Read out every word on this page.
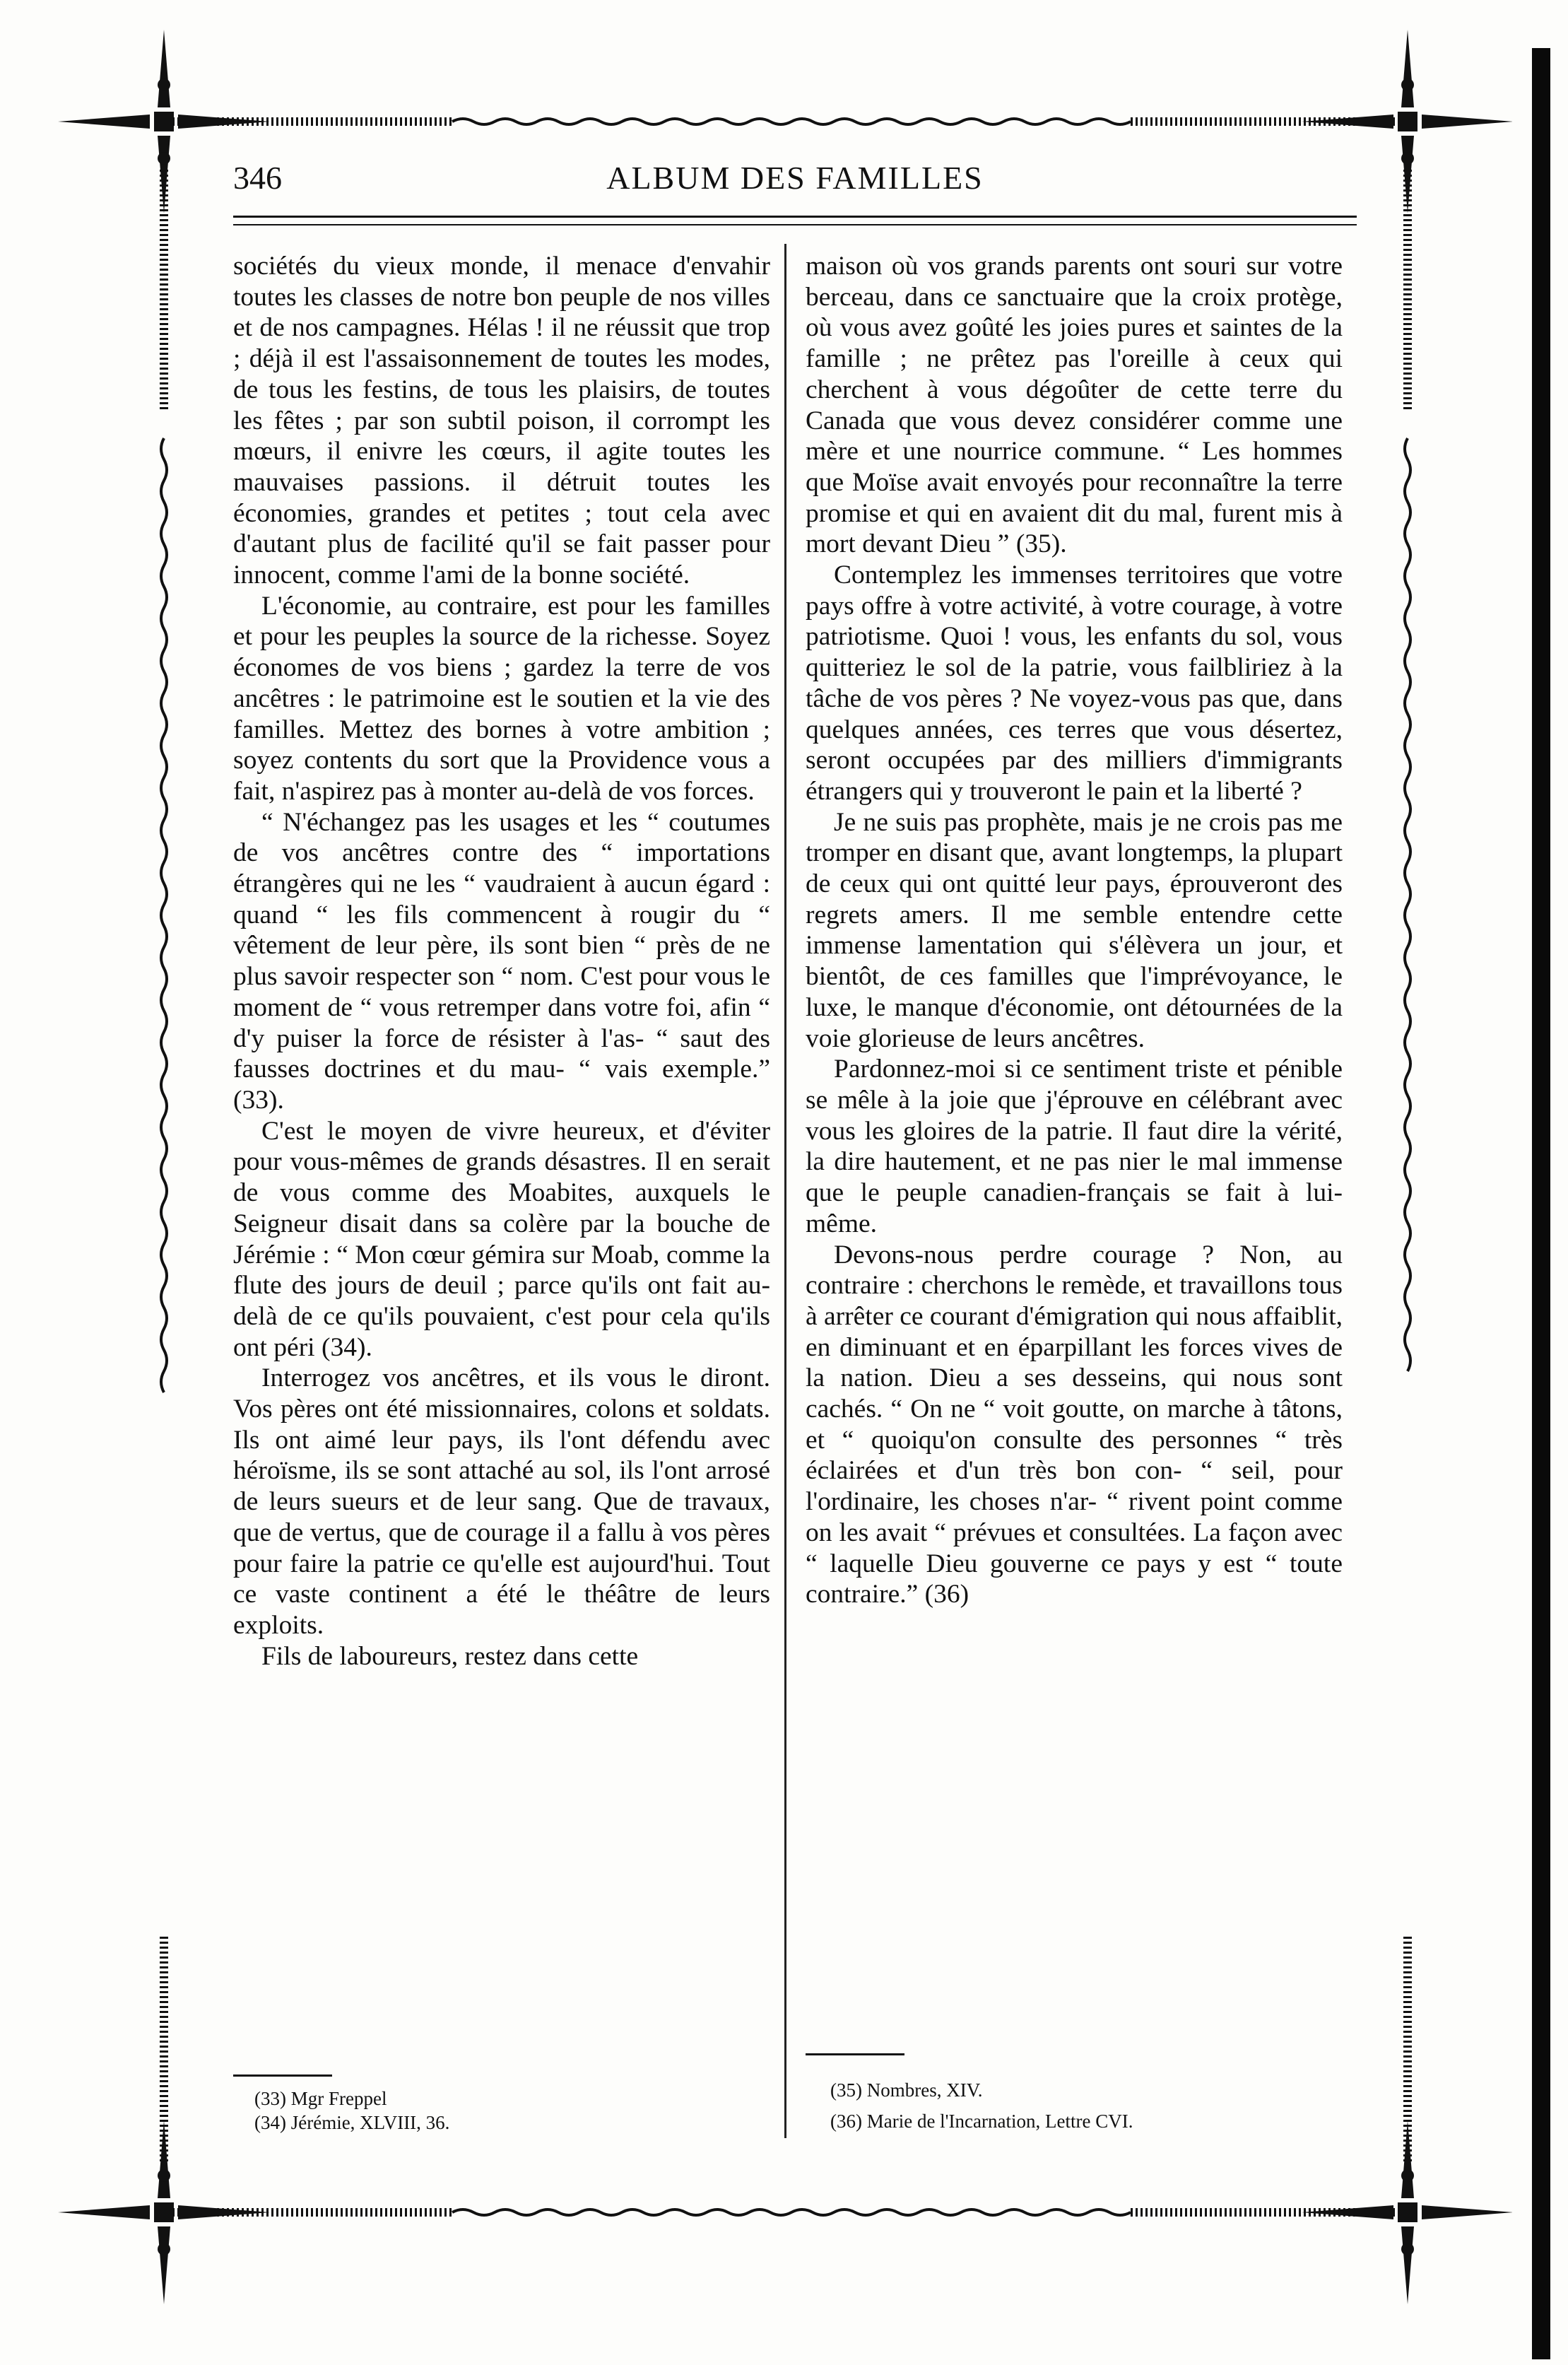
346	ALBUM DES FAMILLES

sociétés du vieux monde, il menace d'envahir toutes les classes de notre bon peuple de nos villes et de nos campagnes. Hélas ! il ne réussit que trop ; déjà il est l'assaisonnement de toutes les modes, de tous les festins, de tous les plaisirs, de toutes les fêtes ; par son subtil poison, il corrompt les mœurs, il enivre les cœurs, il agite toutes les mauvaises passions. il détruit toutes les économies, grandes et petites ; tout cela avec d'autant plus de facilité qu'il se fait passer pour innocent, comme l'ami de la bonne société.

L'économie, au contraire, est pour les familles et pour les peuples la source de la richesse. Soyez économes de vos biens ; gardez la terre de vos ancêtres : le patrimoine est le soutien et la vie des familles. Mettez des bornes à votre ambition ; soyez contents du sort que la Providence vous a fait, n'aspirez pas à monter au-delà de vos forces.

“ N'échangez pas les usages et les “ coutumes de vos ancêtres contre des “ importations étrangères qui ne les “ vaudraient à aucun égard : quand “ les fils commencent à rougir du “ vêtement de leur père, ils sont bien “ près de ne plus savoir respecter son “ nom. C'est pour vous le moment de “ vous retremper dans votre foi, afin “ d'y puiser la force de résister à l'as- “ saut des fausses doctrines et du mau- “ vais exemple.” (33).

C'est le moyen de vivre heureux, et d'éviter pour vous-mêmes de grands désastres. Il en serait de vous comme des Moabites, auxquels le Seigneur disait dans sa colère par la bouche de Jérémie : “ Mon cœur gémira sur Moab, comme la flute des jours de deuil ; parce qu'ils ont fait au-delà de ce qu'ils pouvaient, c'est pour cela qu'ils ont péri (34).

Interrogez vos ancêtres, et ils vous le diront. Vos pères ont été missionnaires, colons et soldats. Ils ont aimé leur pays, ils l'ont défendu avec héroïsme, ils se sont attaché au sol, ils l'ont arrosé de leurs sueurs et de leur sang. Que de travaux, que de vertus, que de courage il a fallu à vos pères pour faire la patrie ce qu'elle est aujourd'hui. Tout ce vaste continent a été le théâtre de leurs exploits.

Fils de laboureurs, restez dans cette

maison où vos grands parents ont souri sur votre berceau, dans ce sanctuaire que la croix protège, où vous avez goûté les joies pures et saintes de la famille ; ne prêtez pas l'oreille à ceux qui cherchent à vous dégoûter de cette terre du Canada que vous devez considérer comme une mère et une nourrice commune. “ Les hommes que Moïse avait envoyés pour reconnaître la terre promise et qui en avaient dit du mal, furent mis à mort devant Dieu ” (35).

Contemplez les immenses territoires que votre pays offre à votre activité, à votre courage, à votre patriotisme. Quoi ! vous, les enfants du sol, vous quitteriez le sol de la patrie, vous failbliriez à la tâche de vos pères ? Ne voyez-vous pas que, dans quelques années, ces terres que vous désertez, seront occupées par des milliers d'immigrants étrangers qui y trouveront le pain et la liberté ?

Je ne suis pas prophète, mais je ne crois pas me tromper en disant que, avant longtemps, la plupart de ceux qui ont quitté leur pays, éprouveront des regrets amers. Il me semble entendre cette immense lamentation qui s'élèvera un jour, et bientôt, de ces familles que l'imprévoyance, le luxe, le manque d'économie, ont détournées de la voie glorieuse de leurs ancêtres.

Pardonnez-moi si ce sentiment triste et pénible se mêle à la joie que j'éprouve en célébrant avec vous les gloires de la patrie. Il faut dire la vérité, la dire hautement, et ne pas nier le mal immense que le peuple canadien-français se fait à lui-même.

Devons-nous perdre courage ? Non, au contraire : cherchons le remède, et travaillons tous à arrêter ce courant d'émigration qui nous affaiblit, en diminuant et en éparpillant les forces vives de la nation. Dieu a ses desseins, qui nous sont cachés. “ On ne “ voit goutte, on marche à tâtons, et “ quoiqu'on consulte des personnes “ très éclairées et d'un très bon con- “ seil, pour l'ordinaire, les choses n'ar- “ rivent point comme on les avait “ prévues et consultées. La façon avec “ laquelle Dieu gouverne ce pays y est “ toute contraire.” (36)

(33) Mgr Freppel
(34) Jérémie, XLVIII, 36.
(35) Nombres, XIV.
(36) Marie de l'Incarnation, Lettre CVI.
